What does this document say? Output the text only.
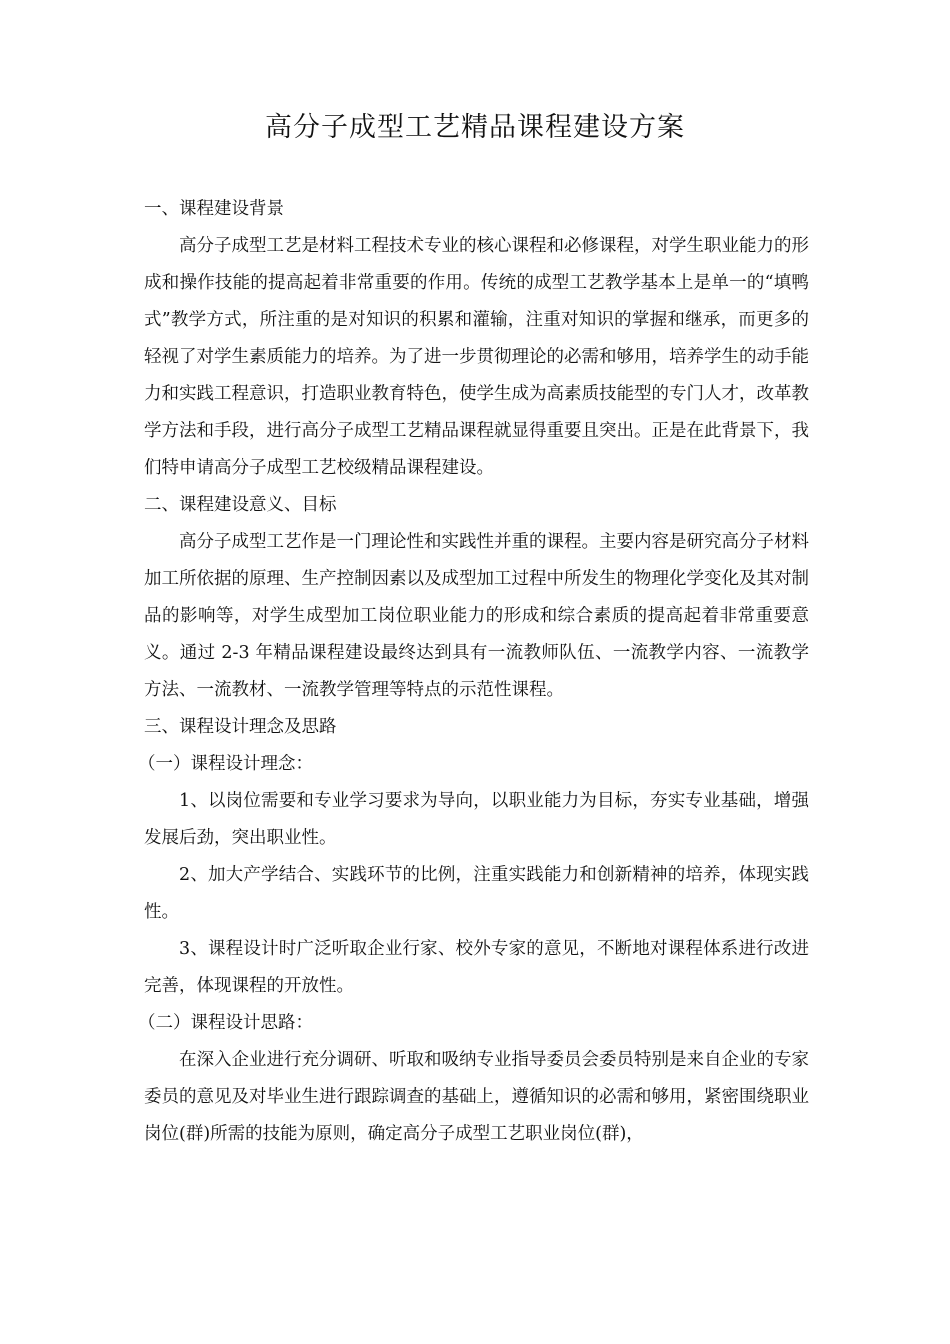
高分子成型工艺精品课程建设方案

一、课程建设背景

高分子成型工艺是材料工程技术专业的核心课程和必修课程，对学生职业能力的形成和操作技能的提高起着非常重要的作用。传统的成型工艺教学基本上是单一的“填鸭式”教学方式，所注重的是对知识的积累和灌输，注重对知识的掌握和继承，而更多的轻视了对学生素质能力的培养。为了进一步贯彻理论的必需和够用，培养学生的动手能力和实践工程意识，打造职业教育特色，使学生成为高素质技能型的专门人才，改革教学方法和手段，进行高分子成型工艺精品课程就显得重要且突出。正是在此背景下，我们特申请高分子成型工艺校级精品课程建设。

二、课程建设意义、目标

高分子成型工艺作是一门理论性和实践性并重的课程。主要内容是研究高分子材料加工所依据的原理、生产控制因素以及成型加工过程中所发生的物理化学变化及其对制品的影响等，对学生成型加工岗位职业能力的形成和综合素质的提高起着非常重要意义。通过 2-3 年精品课程建设最终达到具有一流教师队伍、一流教学内容、一流教学方法、一流教材、一流教学管理等特点的示范性课程。

三、课程设计理念及思路

（一）课程设计理念：

1、以岗位需要和专业学习要求为导向，以职业能力为目标，夯实专业基础，增强发展后劲，突出职业性。

2、加大产学结合、实践环节的比例，注重实践能力和创新精神的培养，体现实践性。

3、课程设计时广泛听取企业行家、校外专家的意见，不断地对课程体系进行改进完善，体现课程的开放性。

（二）课程设计思路：

在深入企业进行充分调研、听取和吸纳专业指导委员会委员特别是来自企业的专家委员的意见及对毕业生进行跟踪调查的基础上，遵循知识的必需和够用，紧密围绕职业岗位(群)所需的技能为原则，确定高分子成型工艺职业岗位(群)，
